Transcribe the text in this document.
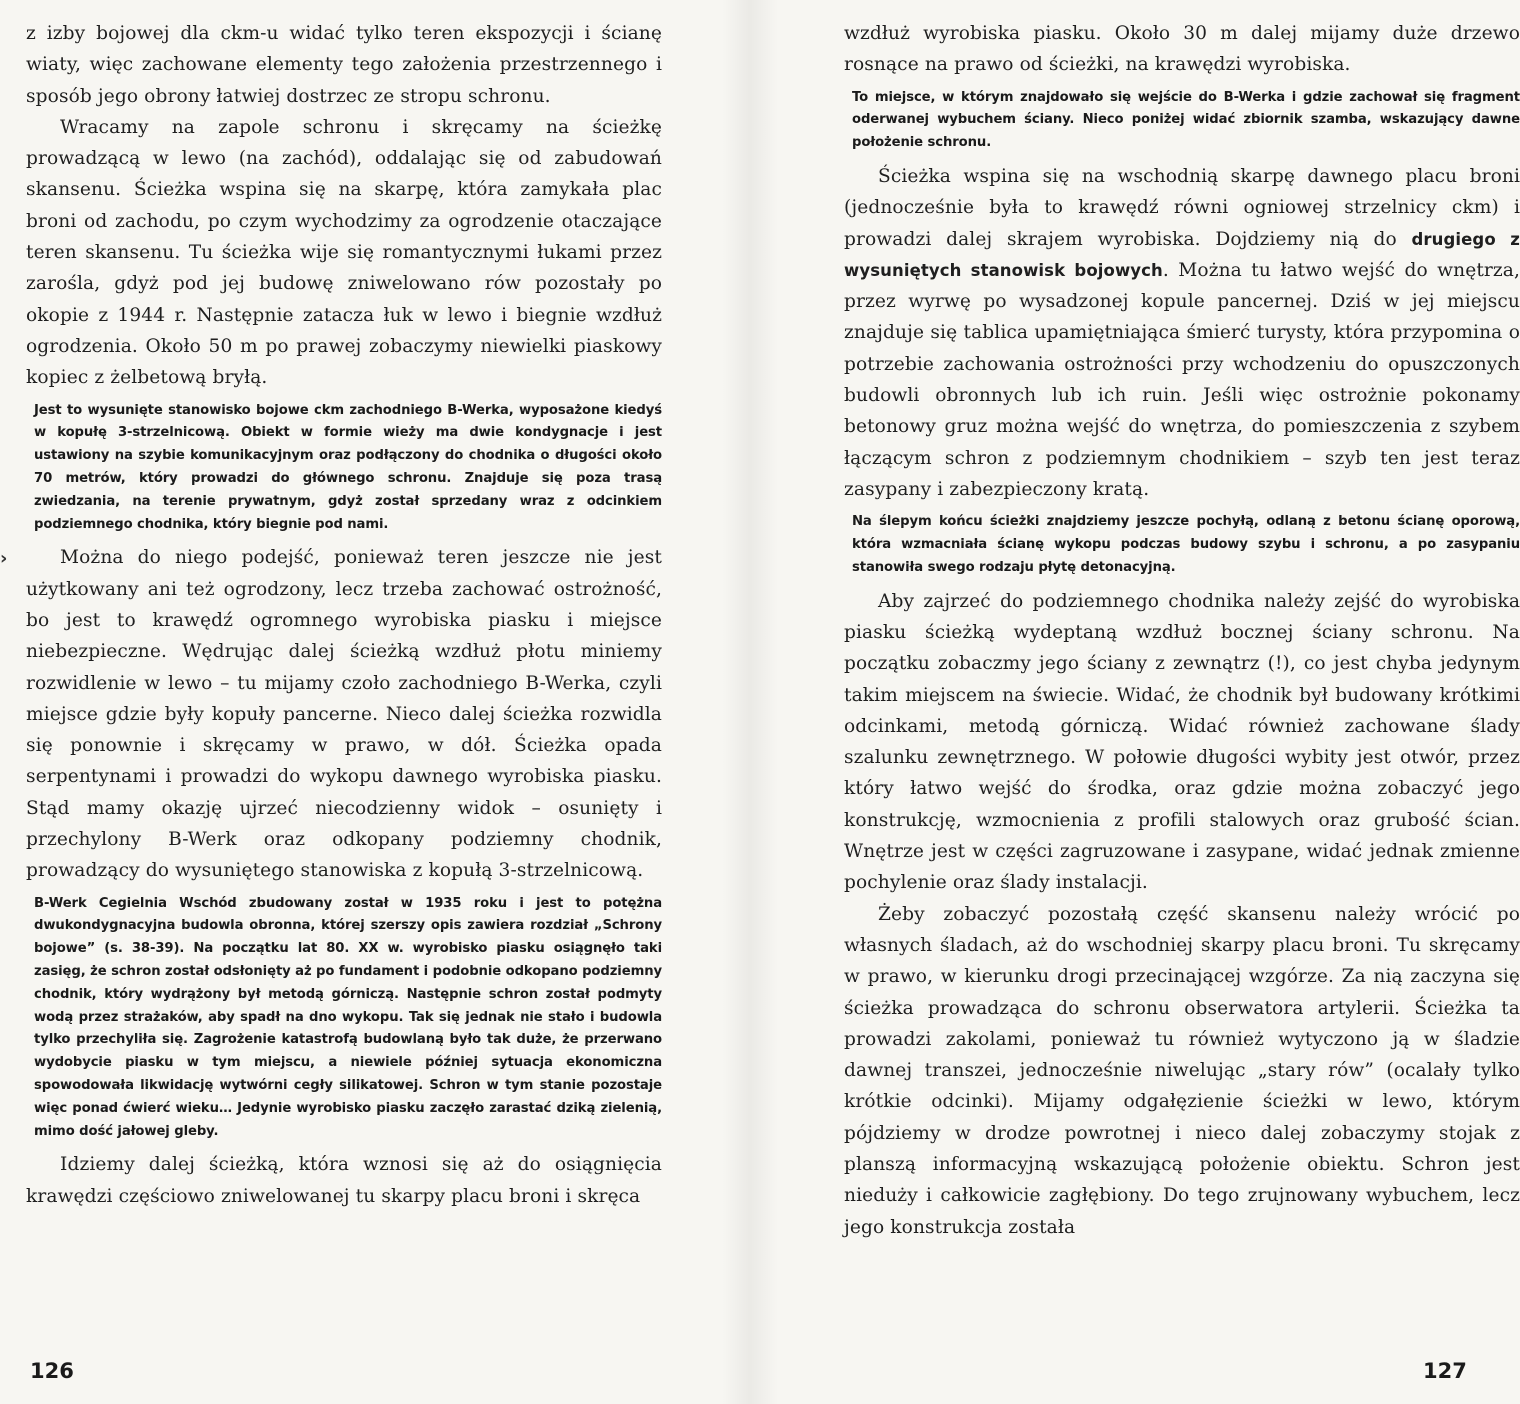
z izby bojowej dla ckm-u widać tylko teren ekspozycji i ścianę wiaty, więc zachowane elementy tego założenia przestrzennego i sposób jego obrony łatwiej dostrzec ze stropu schronu.

Wracamy na zapole schronu i skręcamy na ścieżkę prowadzącą w lewo (na zachód), oddalając się od zabudowań skansenu. Ścieżka wspina się na skarpę, która zamykała plac broni od zachodu, po czym wychodzimy za ogrodzenie otaczające teren skansenu. Tu ścieżka wije się romantycznymi łukami przez zarośla, gdyż pod jej budowę zniwelowano rów pozostały po okopie z 1944 r. Następnie zatacza łuk w lewo i biegnie wzdłuż ogrodzenia. Około 50 m po prawej zobaczymy niewielki piaskowy kopiec z żelbetową bryłą.

Jest to wysunięte stanowisko bojowe ckm zachodniego B-Werka, wyposażone kiedyś w kopułę 3-strzelnicową. Obiekt w formie wieży ma dwie kondygnacje i jest ustawiony na szybie komunikacyjnym oraz podłączony do chodnika o długości około 70 metrów, który prowadzi do głównego schronu. Znajduje się poza trasą zwiedzania, na terenie prywatnym, gdyż został sprzedany wraz z odcinkiem podziemnego chodnika, który biegnie pod nami.

Można do niego podejść, ponieważ teren jeszcze nie jest użytkowany ani też ogrodzony, lecz trzeba zachować ostrożność, bo jest to krawędź ogromnego wyrobiska piasku i miejsce niebezpieczne. Wędrując dalej ścieżką wzdłuż płotu miniemy rozwidlenie w lewo – tu mijamy czoło zachodniego B-Werka, czyli miejsce gdzie były kopuły pancerne. Nieco dalej ścieżka rozwidla się ponownie i skręcamy w prawo, w dół. Ścieżka opada serpentynami i prowadzi do wykopu dawnego wyrobiska piasku. Stąd mamy okazję ujrzeć niecodzienny widok – osunięty i przechylony B-Werk oraz odkopany podziemny chodnik, prowadzący do wysuniętego stanowiska z kopułą 3-strzelnicową.

B-Werk Cegielnia Wschód zbudowany został w 1935 roku i jest to potężna dwukondygnacyjna budowla obronna, której szerszy opis zawiera rozdział „Schrony bojowe” (s. 38-39). Na początku lat 80. XX w. wyrobisko piasku osiągnęło taki zasięg, że schron został odsłonięty aż po fundament i podobnie odkopano podziemny chodnik, który wydrążony był metodą górniczą. Następnie schron został podmyty wodą przez strażaków, aby spadł na dno wykopu. Tak się jednak nie stało i budowla tylko przechyliła się. Zagrożenie katastrofą budowlaną było tak duże, że przerwano wydobycie piasku w tym miejscu, a niewiele później sytuacja ekonomiczna spowodowała likwidację wytwórni cegły silikatowej. Schron w tym stanie pozostaje więc ponad ćwierć wieku… Jedynie wyrobisko piasku zaczęło zarastać dziką zielenią, mimo dość jałowej gleby.

Idziemy dalej ścieżką, która wznosi się aż do osiągnięcia krawędzi częściowo zniwelowanej tu skarpy placu broni i skręca

›
126

wzdłuż wyrobiska piasku. Około 30 m dalej mijamy duże drzewo rosnące na prawo od ścieżki, na krawędzi wyrobiska.

To miejsce, w którym znajdowało się wejście do B-Werka i gdzie zachował się fragment oderwanej wybuchem ściany. Nieco poniżej widać zbiornik szamba, wskazujący dawne położenie schronu.

Ścieżka wspina się na wschodnią skarpę dawnego placu broni (jednocześnie była to krawędź równi ogniowej strzelnicy ckm) i prowadzi dalej skrajem wyrobiska. Dojdziemy nią do drugiego z wysuniętych stanowisk bojowych. Można tu łatwo wejść do wnętrza, przez wyrwę po wysadzonej kopule pancernej. Dziś w jej miejscu znajduje się tablica upamiętniająca śmierć turysty, która przypomina o potrzebie zachowania ostrożności przy wchodzeniu do opuszczonych budowli obronnych lub ich ruin. Jeśli więc ostrożnie pokonamy betonowy gruz można wejść do wnętrza, do pomieszczenia z szybem łączącym schron z podziemnym chodnikiem – szyb ten jest teraz zasypany i zabezpieczony kratą.

Na ślepym końcu ścieżki znajdziemy jeszcze pochyłą, odlaną z betonu ścianę oporową, która wzmacniała ścianę wykopu podczas budowy szybu i schronu, a po zasypaniu stanowiła swego rodzaju płytę detonacyjną.

Aby zajrzeć do podziemnego chodnika należy zejść do wyrobiska piasku ścieżką wydeptaną wzdłuż bocznej ściany schronu. Na początku zobaczmy jego ściany z zewnątrz (!), co jest chyba jedynym takim miejscem na świecie. Widać, że chodnik był budowany krótkimi odcinkami, metodą górniczą. Widać również zachowane ślady szalunku zewnętrznego. W połowie długości wybity jest otwór, przez który łatwo wejść do środka, oraz gdzie można zobaczyć jego konstrukcję, wzmocnienia z profili stalowych oraz grubość ścian. Wnętrze jest w części zagruzowane i zasypane, widać jednak zmienne pochylenie oraz ślady instalacji.

Żeby zobaczyć pozostałą część skansenu należy wrócić po własnych śladach, aż do wschodniej skarpy placu broni. Tu skręcamy w prawo, w kierunku drogi przecinającej wzgórze. Za nią zaczyna się ścieżka prowadząca do schronu obserwatora artylerii. Ścieżka ta prowadzi zakolami, ponieważ tu również wytyczono ją w śladzie dawnej transzei, jednocześnie niwelując „stary rów” (ocalały tylko krótkie odcinki). Mijamy odgałęzienie ścieżki w lewo, którym pójdziemy w drodze powrotnej i nieco dalej zobaczymy stojak z planszą informacyjną wskazującą położenie obiektu. Schron jest nieduży i całkowicie zagłębiony. Do tego zrujnowany wybuchem, lecz jego konstrukcja została

127
